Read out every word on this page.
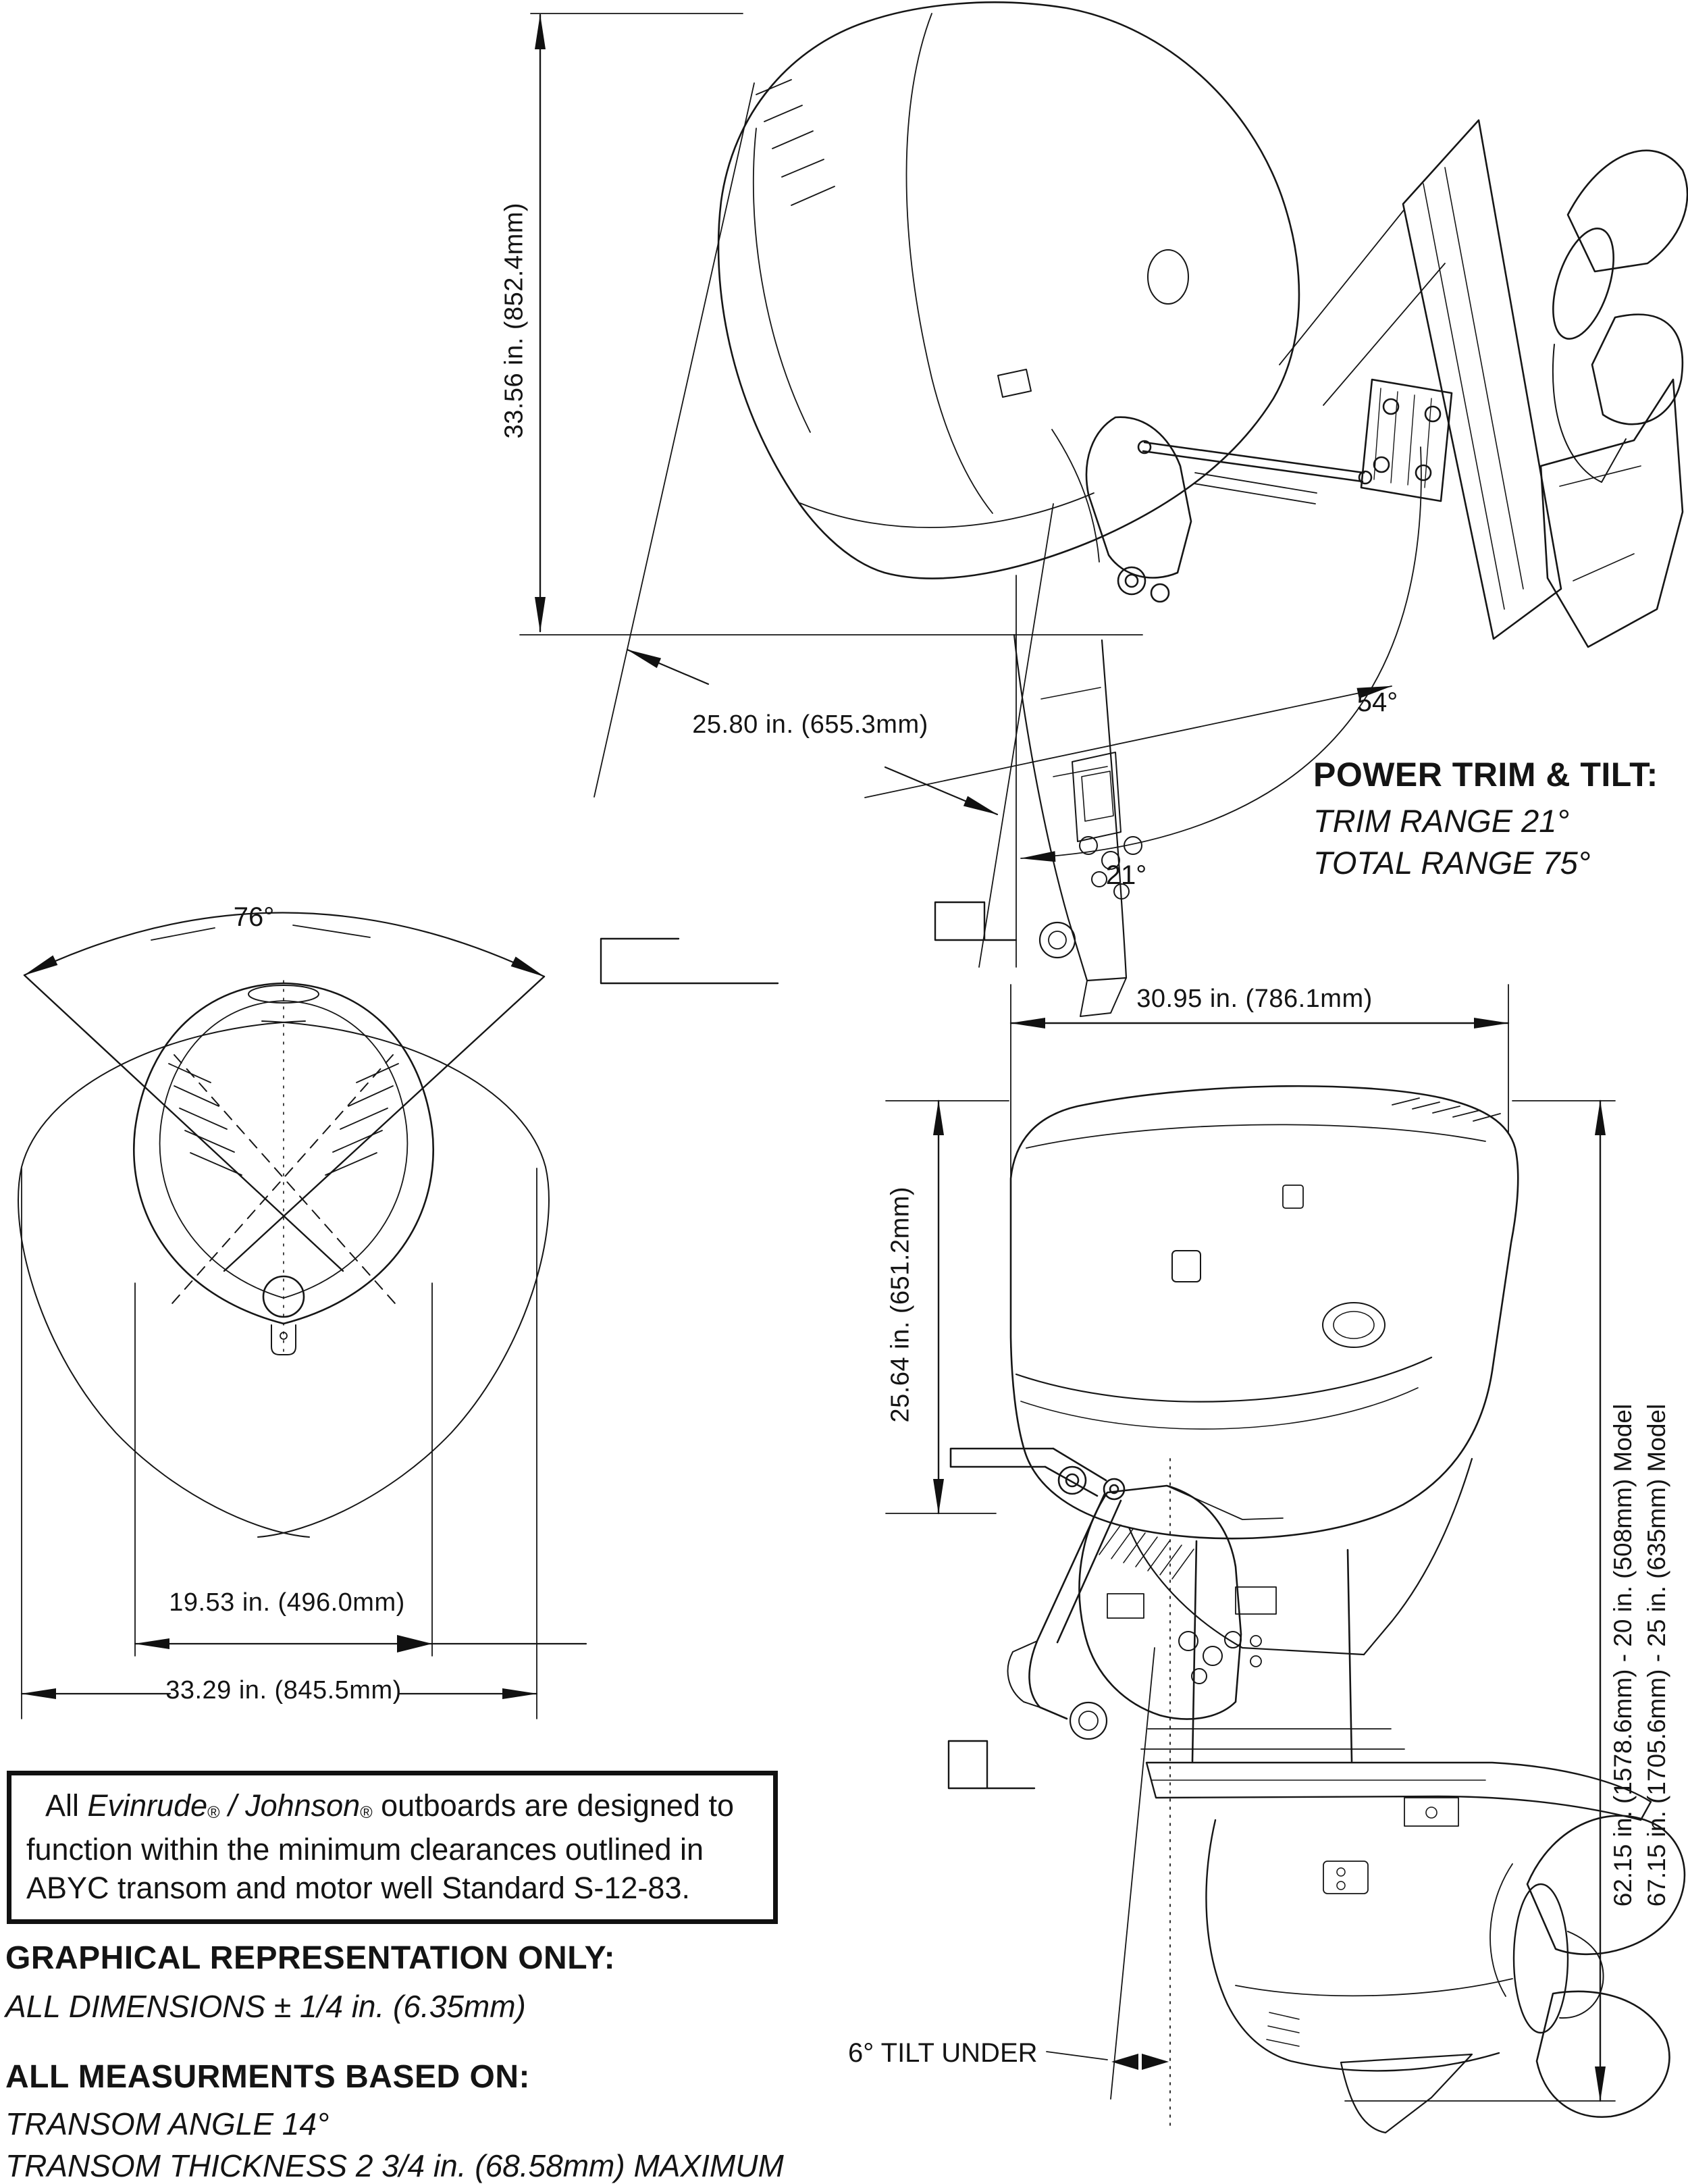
33.56 in. (852.4mm)
25.80 in. (655.3mm)
54°
21°
POWER TRIM & TILT:
TRIM RANGE 21°
TOTAL RANGE 75°
76°
19.53 in. (496.0mm)
33.29 in. (845.5mm)
30.95 in. (786.1mm)
25.64 in. (651.2mm)
62.15 in. (1578.6mm) - 20 in. (508mm) Model 67.15 in. (1705.6mm) - 25 in. (635mm) Model
6° TILT UNDER
All Evinrude® / Johnson® outboards are designed to function within the minimum clearances outlined in ABYC transom and motor well Standard S-12-83.
GRAPHICAL REPRESENTATION ONLY:
ALL DIMENSIONS ± 1/4 in. (6.35mm)
ALL MEASURMENTS BASED ON:
TRANSOM ANGLE 14°
TRANSOM THICKNESS 2 3/4 in. (68.58mm) MAXIMUM
